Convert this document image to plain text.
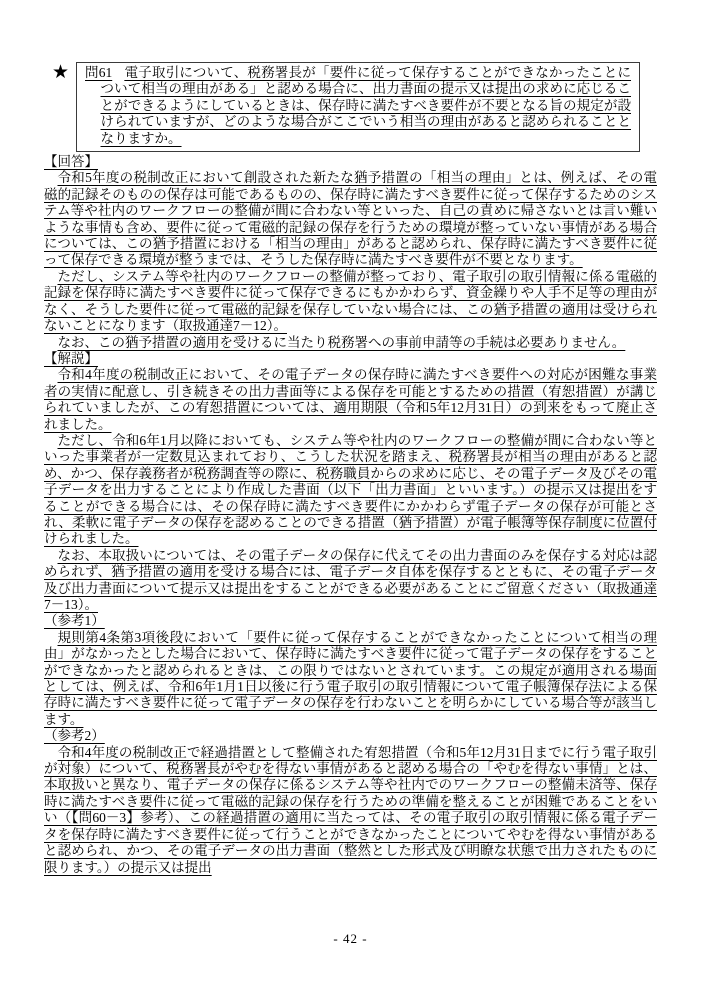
★	問61 電子取引について、税務署長が「要件に従って保存することができなかったことについて相当の理由がある」と認める場合に、出力書面の提示又は提出の求めに応じることができるようにしているときは、保存時に満たすべき要件が不要となる旨の規定が設けられていますが、どのような場合がここでいう相当の理由があると認められることとなりますか。

【回答】

令和5年度の税制改正において創設された新たな猶予措置の「相当の理由」とは、例えば、その電磁的記録そのものの保存は可能であるものの、保存時に満たすべき要件に従って保存するためのシステム等や社内のワークフローの整備が間に合わない等といった、自己の責めに帰さないとは言い難いような事情も含め、要件に従って電磁的記録の保存を行うための環境が整っていない事情がある場合については、この猶予措置における「相当の理由」があると認められ、保存時に満たすべき要件に従って保存できる環境が整うまでは、そうした保存時に満たすべき要件が不要となります。

ただし、システム等や社内のワークフローの整備が整っており、電子取引の取引情報に係る電磁的記録を保存時に満たすべき要件に従って保存できるにもかかわらず、資金繰りや人手不足等の理由がなく、そうした要件に従って電磁的記録を保存していない場合には、この猶予措置の適用は受けられないことになります（取扱通達7－12）。

なお、この猶予措置の適用を受けるに当たり税務署への事前申請等の手続は必要ありません。

【解説】

令和4年度の税制改正において、その電子データの保存時に満たすべき要件への対応が困難な事業者の実情に配意し、引き続きその出力書面等による保存を可能とするための措置（宥恕措置）が講じられていましたが、この宥恕措置については、適用期限（令和5年12月31日）の到来をもって廃止されました。

ただし、令和6年1月以降においても、システム等や社内のワークフローの整備が間に合わない等といった事業者が一定数見込まれており、こうした状況を踏まえ、税務署長が相当の理由があると認め、かつ、保存義務者が税務調査等の際に、税務職員からの求めに応じ、その電子データ及びその電子データを出力することにより作成した書面（以下「出力書面」といいます。）の提示又は提出をすることができる場合には、その保存時に満たすべき要件にかかわらず電子データの保存が可能とされ、柔軟に電子データの保存を認めることのできる措置（猶予措置）が電子帳簿等保存制度に位置付けられました。

なお、本取扱いについては、その電子データの保存に代えてその出力書面のみを保存する対応は認められず、猶予措置の適用を受ける場合には、電子データ自体を保存するとともに、その電子データ及び出力書面について提示又は提出をすることができる必要があることにご留意ください（取扱通達7－13）。

（参考1）

規則第4条第3項後段において「要件に従って保存することができなかったことについて相当の理由」がなかったとした場合において、保存時に満たすべき要件に従って電子データの保存をすることができなかったと認められるときは、この限りではないとされています。この規定が適用される場面としては、例えば、令和6年1月1日以後に行う電子取引の取引情報について電子帳簿保存法による保存時に満たすべき要件に従って電子データの保存を行わないことを明らかにしている場合等が該当します。

（参考2）

令和4年度の税制改正で経過措置として整備された宥恕措置（令和5年12月31日までに行う電子取引が対象）について、税務署長がやむを得ない事情があると認める場合の「やむを得ない事情」とは、本取扱いと異なり、電子データの保存に係るシステム等や社内でのワークフローの整備未済等、保存時に満たすべき要件に従って電磁的記録の保存を行うための準備を整えることが困難であることをいい（【問60－3】参考）、この経過措置の適用に当たっては、その電子取引の取引情報に係る電子データを保存時に満たすべき要件に従って行うことができなかったことについてやむを得ない事情があると認められ、かつ、その電子データの出力書面（整然とした形式及び明瞭な状態で出力されたものに限ります。）の提示又は提出

- 42 -
